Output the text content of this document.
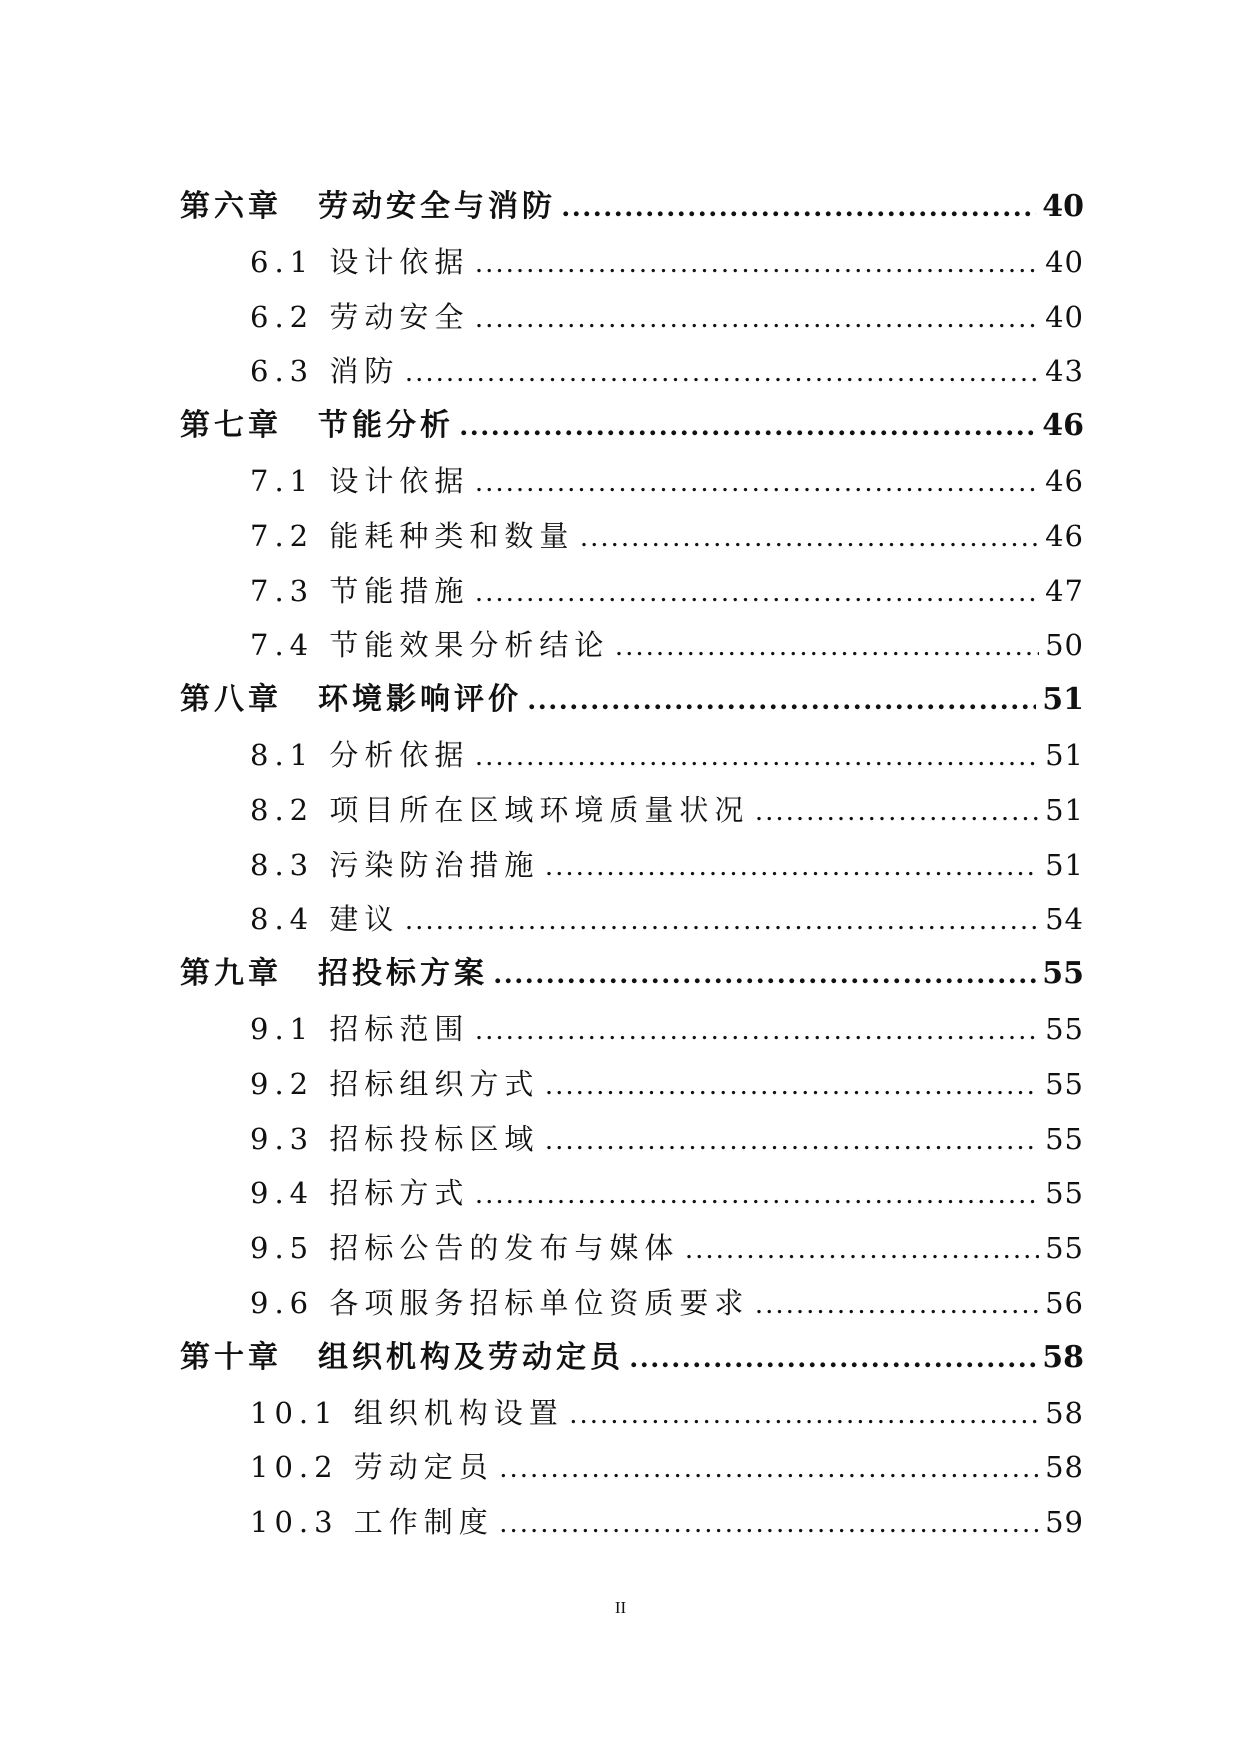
第六章 劳动安全与消防 .....	40
6.1 设计依据 .....	40
6.2 劳动安全 .....	40
6.3 消防 .....	43
第七章 节能分析 .....	46
7.1 设计依据 .....	46
7.2 能耗种类和数量 .....	46
7.3 节能措施 .....	47
7.4 节能效果分析结论 .....	50
第八章 环境影响评价 .....	51
8.1 分析依据 .....	51
8.2 项目所在区域环境质量状况 .....	51
8.3 污染防治措施 .....	51
8.4 建议 .....	54
第九章 招投标方案 .....	55
9.1 招标范围 .....	55
9.2 招标组织方式 .....	55
9.3 招标投标区域 .....	55
9.4 招标方式 .....	55
9.5 招标公告的发布与媒体 .....	55
9.6 各项服务招标单位资质要求 .....	56
第十章 组织机构及劳动定员 .....	58
10.1 组织机构设置 .....	58
10.2 劳动定员 .....	58
10.3 工作制度 .....	59
II
